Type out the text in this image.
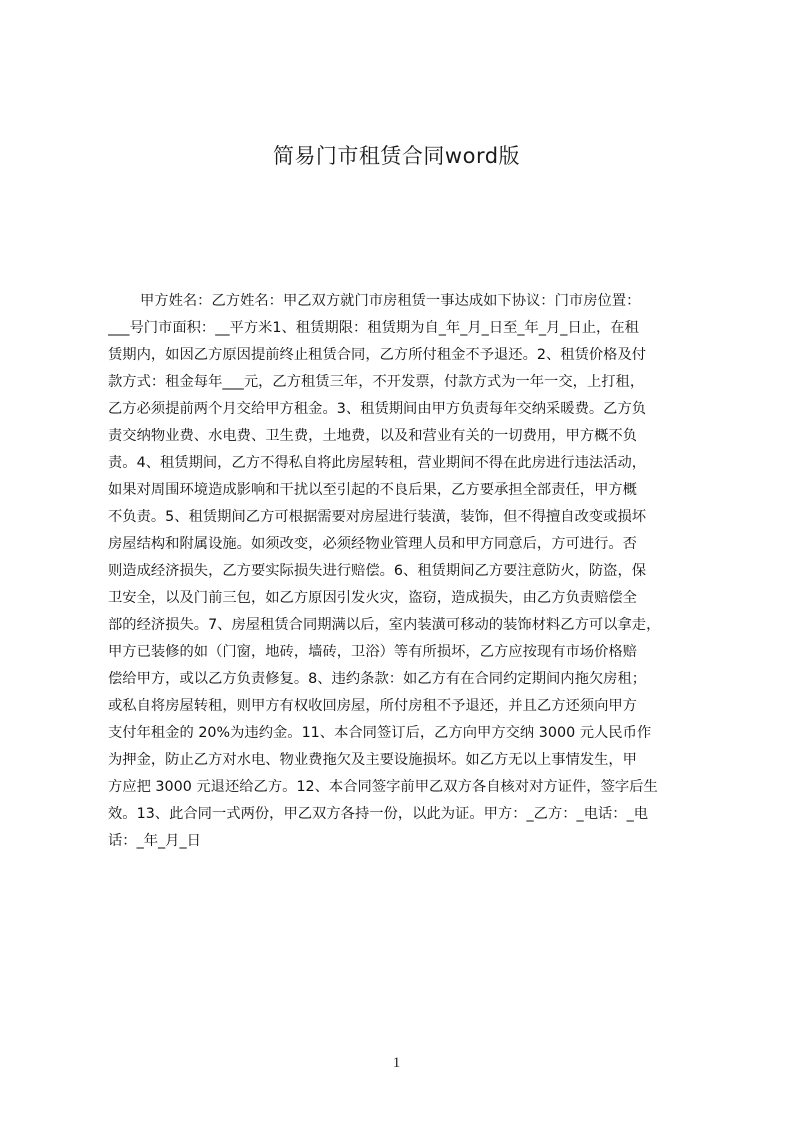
简易门市租赁合同word版
甲方姓名：乙方姓名：甲乙双方就门市房租赁一事达成如下协议：门市房位置：
___号门市面积：__平方米1、租赁期限：租赁期为自_年_月_日至_年_月_日止，在租
赁期内，如因乙方原因提前终止租赁合同，乙方所付租金不予退还。2、租赁价格及付
款方式：租金每年___元，乙方租赁三年，不开发票，付款方式为一年一交，上打租，
乙方必须提前两个月交给甲方租金。3、租赁期间由甲方负责每年交纳采暖费。乙方负
责交纳物业费、水电费、卫生费，土地费，以及和营业有关的一切费用，甲方概不负
责。4、租赁期间，乙方不得私自将此房屋转租，营业期间不得在此房进行违法活动，
如果对周围环境造成影响和干扰以至引起的不良后果，乙方要承担全部责任，甲方概
不负责。5、租赁期间乙方可根据需要对房屋进行装潢，装饰，但不得擅自改变或损坏
房屋结构和附属设施。如须改变，必须经物业管理人员和甲方同意后，方可进行。否
则造成经济损失，乙方要实际损失进行赔偿。6、租赁期间乙方要注意防火，防盗，保
卫安全，以及门前三包，如乙方原因引发火灾，盗窃，造成损失，由乙方负责赔偿全
部的经济损失。7、房屋租赁合同期满以后，室内装潢可移动的装饰材料乙方可以拿走，
甲方已装修的如（门窗，地砖，墙砖，卫浴）等有所损坏，乙方应按现有市场价格赔
偿给甲方，或以乙方负责修复。8、违约条款：如乙方有在合同约定期间内拖欠房租；
或私自将房屋转租，则甲方有权收回房屋，所付房租不予退还，并且乙方还须向甲方
支付年租金的 20%为违约金。11、本合同签订后，乙方向甲方交纳 3000 元人民币作
为押金，防止乙方对水电、物业费拖欠及主要设施损坏。如乙方无以上事情发生，甲
方应把 3000 元退还给乙方。12、本合同签字前甲乙双方各自核对对方证件，签字后生
效。13、此合同一式两份，甲乙双方各持一份，以此为证。甲方：_乙方：_电话：_电
话：_年_月_日
1
